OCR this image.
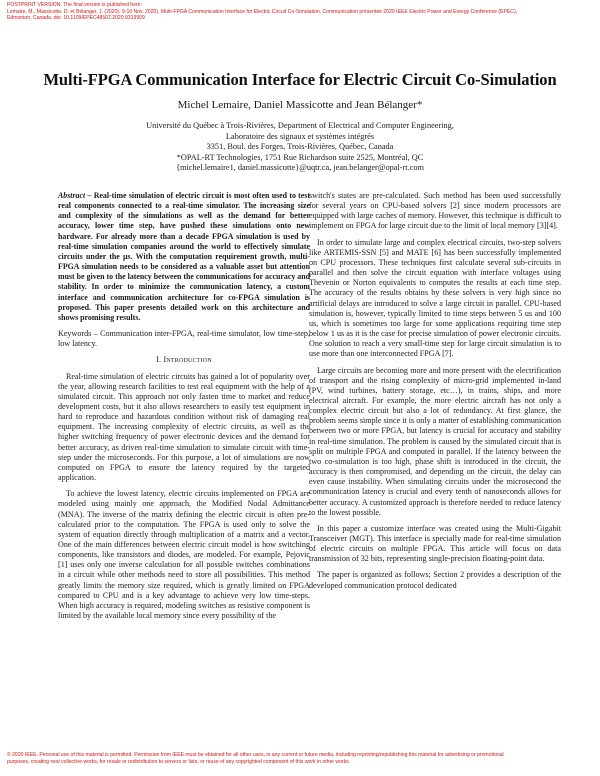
POSTPRINT VERSION. The final version is published here:
Lemaire, M., Massicotte, D. et Bélanger, J. (2020). 9-10 Nov. 2020). Multi-FPGA Communication Interface for Electric Circuit Co-Simulation. Communication présentée 2020 IEEE Electric Power and Energy Conference (EPEC),
Edmonton, Canada. doi: 10.1109/EPEC48502.2020.9319909
Multi-FPGA Communication Interface for Electric Circuit Co-Simulation
Michel Lemaire, Daniel Massicotte and Jean Bélanger*
Université du Québec à Trois-Rivières, Department of Electrical and Computer Engineering,
Laboratoire des signaux et systèmes intégrés
3351, Boul. des Forges, Trois-Rivières, Québec, Canada
*OPAL-RT Technologies, 1751 Rue Richardson suite 2525, Montréal, QC
{michel.lemaire1, daniel.massicotte}@uqtr.ca, jean.belanger@opal-rt.com

Abstract – Real-time simulation of electric circuit is most often used to test real components connected to a real-time simulator. The increasing size and complexity of the simulations as well as the demand for better accuracy, lower time step, have pushed these simulations onto new hardware. For already more than a decade FPGA simulation is used by real-time simulation companies around the world to effectively simulate circuits under the µs. With the computation requirement growth, multi-FPGA simulation needs to be considered as a valuable asset but attention must be given to the latency between the communications for accuracy and stability. In order to minimize the communication latency, a custom interface and communication architecture for co-FPGA simulation is proposed. This paper presents detailed work on this architecture and shows promising results.

Keywords – Communication inter-FPGA, real-time simulator, low time-step, low latency.

I. Introduction

Real-time simulation of electric circuits has gained a lot of popularity over the year, allowing research facilities to test real equipment with the help of a simulated circuit. This approach not only fasten time to market and reduce development costs, but it also allows researchers to easily test equipment in hard to reproduce and hazardous condition without risk of damaging real equipment. The increasing complexity of electric circuits, as well as the higher switching frequency of power electronic devices and the demand for better accuracy, as driven real-time simulation to simulate circuit with time-step under the microseconds. For this purpose, a lot of simulations are now computed on FPGA to ensure the latency required by the targeted application.

To achieve the lowest latency, electric circuits implemented on FPGA are modeled using mainly one approach, the Modified Nodal Admittance (MNA). The inverse of the matrix defining the electric circuit is often pre-calculated prior to the computation. The FPGA is used only to solve the system of equation directly through multiplication of a matrix and a vector. One of the main differences between electric circuit model is how switching components, like transistors and diodes, are modeled. For example, Pejovic [1] uses only one inverse calculation for all possible switches combinations in a circuit while other methods need to store all possibilities. This method greatly limits the memory size required, which is greatly limited on FPGA compared to CPU and is a key advantage to achieve very low time-steps. When high accuracy is required, modeling switches as resistive component is limited by the available local memory since every possibility of the

switch's states are pre-calculated. Such method has been used successfully for several years on CPU-based solvers [2] since modern processors are equipped with large caches of memory. However, this technique is difficult to implement on FPGA for large circuit due to the limit of local memory [3][4].

In order to simulate large and complex electrical circuits, two-step solvers like ARTEMIS-SSN [5] and MATE [6] has been successfully implemented on CPU processors. These techniques first calculate several sub-circuits in parallel and then solve the circuit equation with interface voltages using Thevenin or Norton equivalents to computes the results at each time step. The accuracy of the results obtains by these solvers is very high since no artificial delays are introduced to solve a large circuit in parallel. CPU-based simulation is, however, typically limited to time steps between 5 us and 100 us, which is sometimes too large for some applications requiring time step below 1 us as it is the case for precise simulation of power electronic circuits. One solution to reach a very small-time step for large circuit simulation is to use more than one interconnected FPGA [7].

Large circuits are becoming more and more present with the electrification of transport and the rising complexity of micro-grid implemented in-land (PV, wind turbines, battery storage, etc…), in trains, ships, and more electrical aircraft. For example, the more electric aircraft has not only a complex electric circuit but also a lot of redundancy. At first glance, the problem seems simple since it is only a matter of establishing communication between two or more FPGA, but latency is crucial for accuracy and stability in real-time simulation. The problem is caused by the simulated circuit that is split on multiple FPGA and computed in parallel. If the latency between the two co-simulation is too high, phase shift is introduced in the circuit, the accuracy is then compromised, and depending on the circuit, the delay can even cause instability. When simulating circuits under the microsecond the communication latency is crucial and every tenth of nanoseconds allows for better accuracy. A customized approach is therefore needed to reduce latency to the lowest possible.

In this paper a customize interface was created using the Multi-Gigabit Transceiver (MGT). This interface is specially made for real-time simulation of electric circuits on multiple FPGA. This article will focus on data transmission of 32 bits, representing single-precision floating-point data.

The paper is organized as follows; Section 2 provides a description of the developed communication protocol dedicated

© 2020 IEEE. Personal use of this material is permitted. Permission from IEEE must be obtained for all other uses, in any current or future media, including reprinting/republishing this material for advertising or promotional
purposes, creating new collective works, for resale or redistribution to servers or lists, or reuse of any copyrighted component of this work in other works.
